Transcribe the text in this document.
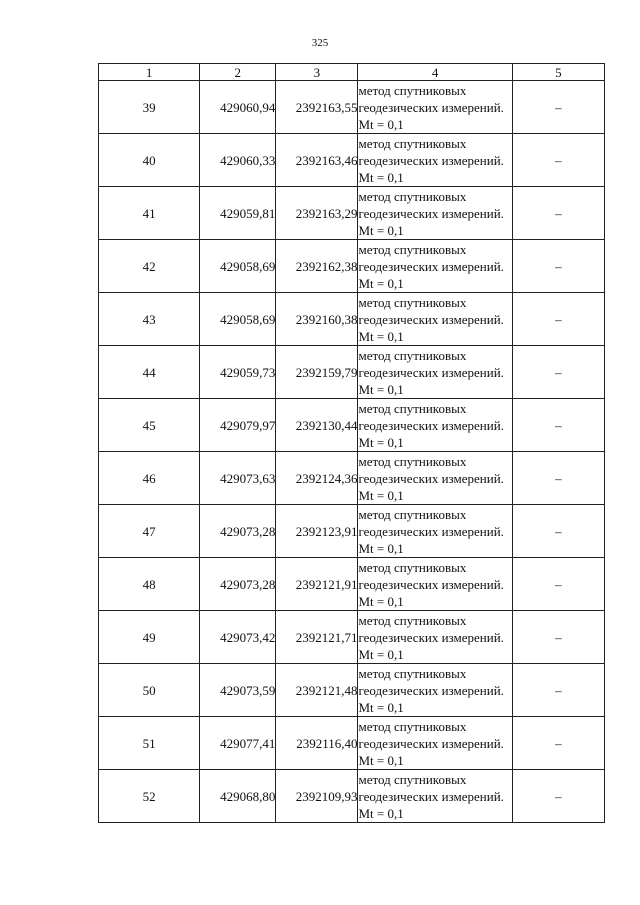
325
1	2	3	4	5
39	429060,94	2392163,55	метод спутниковых геодезических измерений. Mt = 0,1	–
40	429060,33	2392163,46	метод спутниковых геодезических измерений. Mt = 0,1	–
41	429059,81	2392163,29	метод спутниковых геодезических измерений. Mt = 0,1	–
42	429058,69	2392162,38	метод спутниковых геодезических измерений. Mt = 0,1	–
43	429058,69	2392160,38	метод спутниковых геодезических измерений. Mt = 0,1	–
44	429059,73	2392159,79	метод спутниковых геодезических измерений. Mt = 0,1	–
45	429079,97	2392130,44	метод спутниковых геодезических измерений. Mt = 0,1	–
46	429073,63	2392124,36	метод спутниковых геодезических измерений. Mt = 0,1	–
47	429073,28	2392123,91	метод спутниковых геодезических измерений. Mt = 0,1	–
48	429073,28	2392121,91	метод спутниковых геодезических измерений. Mt = 0,1	–
49	429073,42	2392121,71	метод спутниковых геодезических измерений. Mt = 0,1	–
50	429073,59	2392121,48	метод спутниковых геодезических измерений. Mt = 0,1	–
51	429077,41	2392116,40	метод спутниковых геодезических измерений. Mt = 0,1	–
52	429068,80	2392109,93	метод спутниковых геодезических измерений. Mt = 0,1	–
